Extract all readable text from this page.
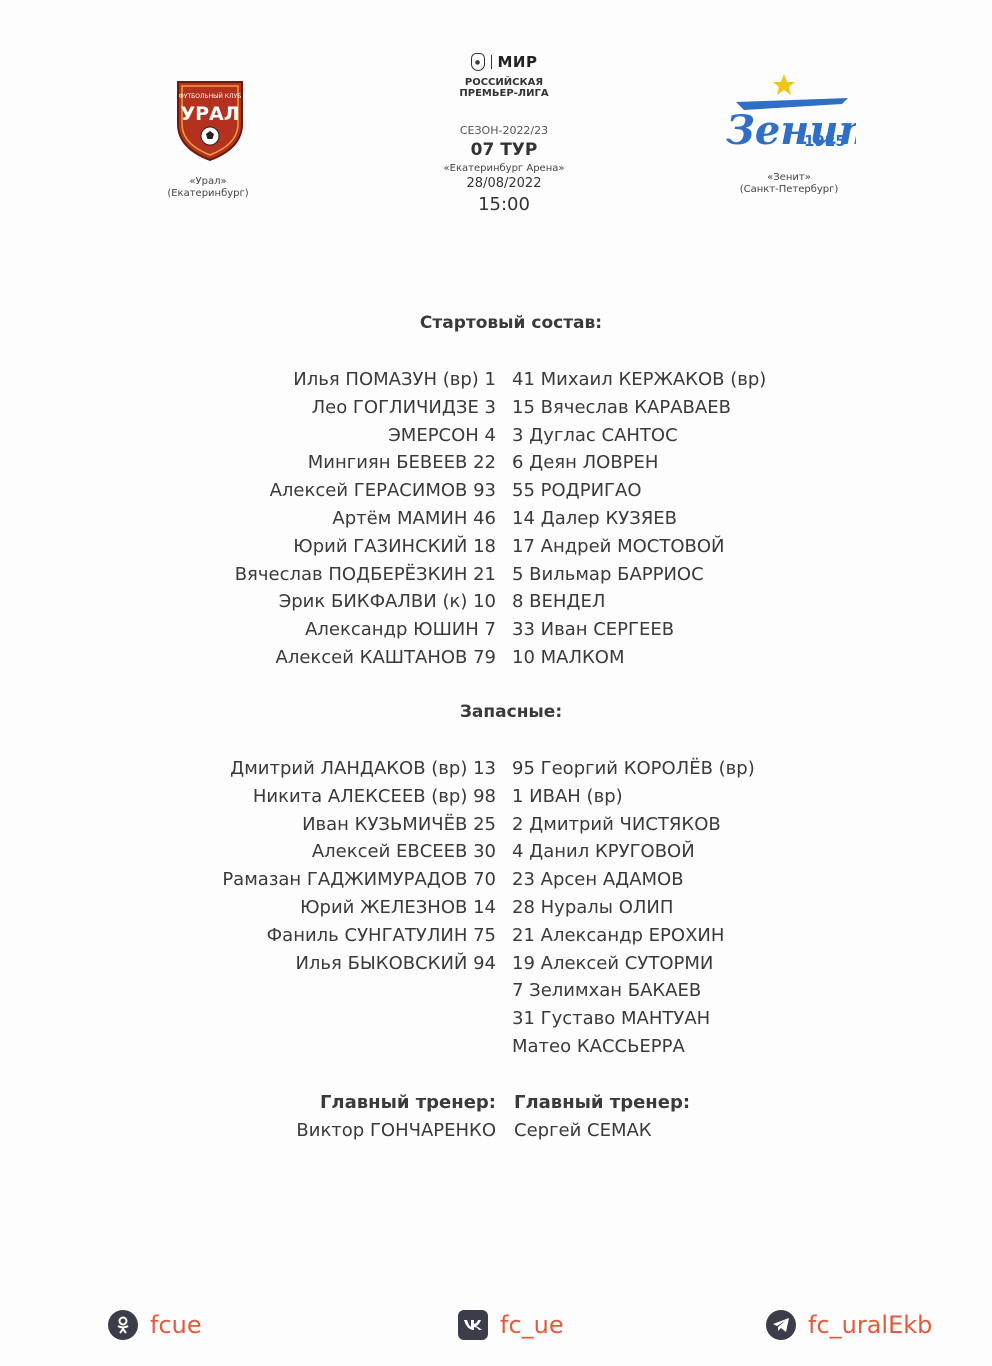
ФУТБОЛЬНЫЙ КЛУБ
УРАЛ
«Урал»
(Екатеринбург)
● МИР
РОССИЙСКАЯ
ПРЕМЬЕР-ЛИГА
СЕЗОН-2022/23
07 ТУР
«Екатеринбург Арена»
28/08/2022
15:00
Зени
1925
«Зенит»
(Санкт-Петербург)
Стартовый состав:
Илья ПОМАЗУН (вр) 1
Лео ГОГЛИЧИДЗЕ 3
ЭМЕРСОН 4
Мингиян БЕВЕЕВ 22
Алексей ГЕРАСИМОВ 93
Артём МАМИН 46
Юрий ГАЗИНСКИЙ 18
Вячеслав ПОДБЕРЁЗКИН 21
Эрик БИКФАЛВИ (к) 10
Александр ЮШИН 7
Алексей КАШТАНОВ 79
41 Михаил КЕРЖАКОВ (вр)
15 Вячеслав КАРАВАЕВ
3 Дуглас САНТОС
6 Деян ЛОВРЕН
55 РОДРИГАО
14 Далер КУЗЯЕВ
17 Андрей МОСТОВОЙ
5 Вильмар БАРРИОС
8 ВЕНДЕЛ
33 Иван СЕРГЕЕВ
10 МАЛКОМ
Запасные:
Дмитрий ЛАНДАКОВ (вр) 13
Никита АЛЕКСЕЕВ (вр) 98
Иван КУЗЬМИЧЁВ 25
Алексей ЕВСЕЕВ 30
Рамазан ГАДЖИМУРАДОВ 70
Юрий ЖЕЛЕЗНОВ 14
Фаниль СУНГАТУЛИН 75
Илья БЫКОВСКИЙ 94
95 Георгий КОРОЛЁВ (вр)
1 ИВАН (вр)
2 Дмитрий ЧИСТЯКОВ
4 Данил КРУГОВОЙ
23 Арсен АДАМОВ
28 Нуралы ОЛИП
21 Александр ЕРОХИН
19 Алексей СУТОРМИ
7 Зелимхан БАКАЕВ
31 Густаво МАНТУАН
Матео КАССЬЕРРА
Главный тренер:
Виктор ГОНЧАРЕНКО
Главный тренер:
Сергей СЕМАК
fcue	fc_ue	fc_uralEkb
